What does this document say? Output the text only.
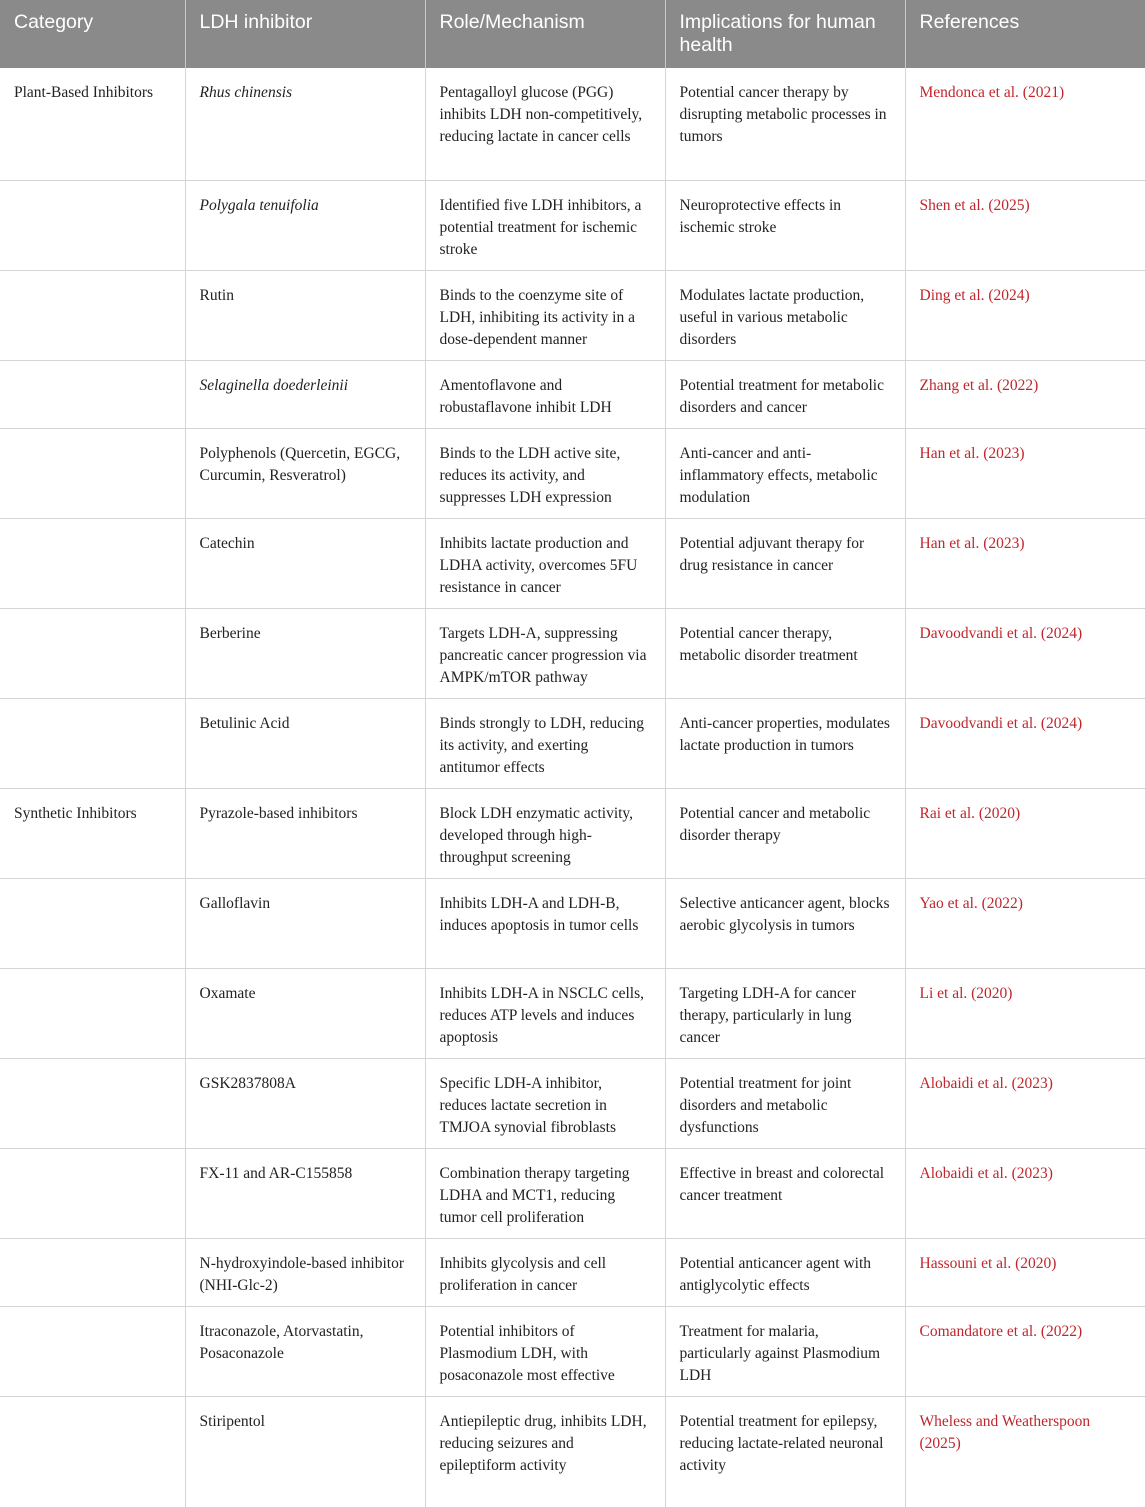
Category	LDH inhibitor	Role/Mechanism	Implications for human health	References
Plant-Based Inhibitors	Rhus chinensis	Pentagalloyl glucose (PGG) inhibits LDH non-competitively, reducing lactate in cancer cells	Potential cancer therapy by disrupting metabolic processes in tumors	Mendonca et al. (2021)
	Polygala tenuifolia	Identified five LDH inhibitors, a potential treatment for ischemic stroke	Neuroprotective effects in ischemic stroke	Shen et al. (2025)
	Rutin	Binds to the coenzyme site of LDH, inhibiting its activity in a dose-dependent manner	Modulates lactate production, useful in various metabolic disorders	Ding et al. (2024)
	Selaginella doederleinii	Amentoflavone and robustaflavone inhibit LDH	Potential treatment for metabolic disorders and cancer	Zhang et al. (2022)
	Polyphenols (Quercetin, EGCG, Curcumin, Resveratrol)	Binds to the LDH active site, reduces its activity, and suppresses LDH expression	Anti-cancer and anti-inflammatory effects, metabolic modulation	Han et al. (2023)
	Catechin	Inhibits lactate production and LDHA activity, overcomes 5FU resistance in cancer	Potential adjuvant therapy for drug resistance in cancer	Han et al. (2023)
	Berberine	Targets LDH-A, suppressing pancreatic cancer progression via AMPK/mTOR pathway	Potential cancer therapy, metabolic disorder treatment	Davoodvandi et al. (2024)
	Betulinic Acid	Binds strongly to LDH, reducing its activity, and exerting antitumor effects	Anti-cancer properties, modulates lactate production in tumors	Davoodvandi et al. (2024)
Synthetic Inhibitors	Pyrazole-based inhibitors	Block LDH enzymatic activity, developed through high-throughput screening	Potential cancer and metabolic disorder therapy	Rai et al. (2020)
	Galloflavin	Inhibits LDH-A and LDH-B, induces apoptosis in tumor cells	Selective anticancer agent, blocks aerobic glycolysis in tumors	Yao et al. (2022)
	Oxamate	Inhibits LDH-A in NSCLC cells, reduces ATP levels and induces apoptosis	Targeting LDH-A for cancer therapy, particularly in lung cancer	Li et al. (2020)
	GSK2837808A	Specific LDH-A inhibitor, reduces lactate secretion in TMJOA synovial fibroblasts	Potential treatment for joint disorders and metabolic dysfunctions	Alobaidi et al. (2023)
	FX-11 and AR-C155858	Combination therapy targeting LDHA and MCT1, reducing tumor cell proliferation	Effective in breast and colorectal cancer treatment	Alobaidi et al. (2023)
	N-hydroxyindole-based inhibitor (NHI-Glc-2)	Inhibits glycolysis and cell proliferation in cancer	Potential anticancer agent with antiglycolytic effects	Hassouni et al. (2020)
	Itraconazole, Atorvastatin, Posaconazole	Potential inhibitors of Plasmodium LDH, with posaconazole most effective	Treatment for malaria, particularly against Plasmodium LDH	Comandatore et al. (2022)
	Stiripentol	Antiepileptic drug, inhibits LDH, reducing seizures and epileptiform activity	Potential treatment for epilepsy, reducing lactate-related neuronal activity	Wheless and Weatherspoon (2025)
